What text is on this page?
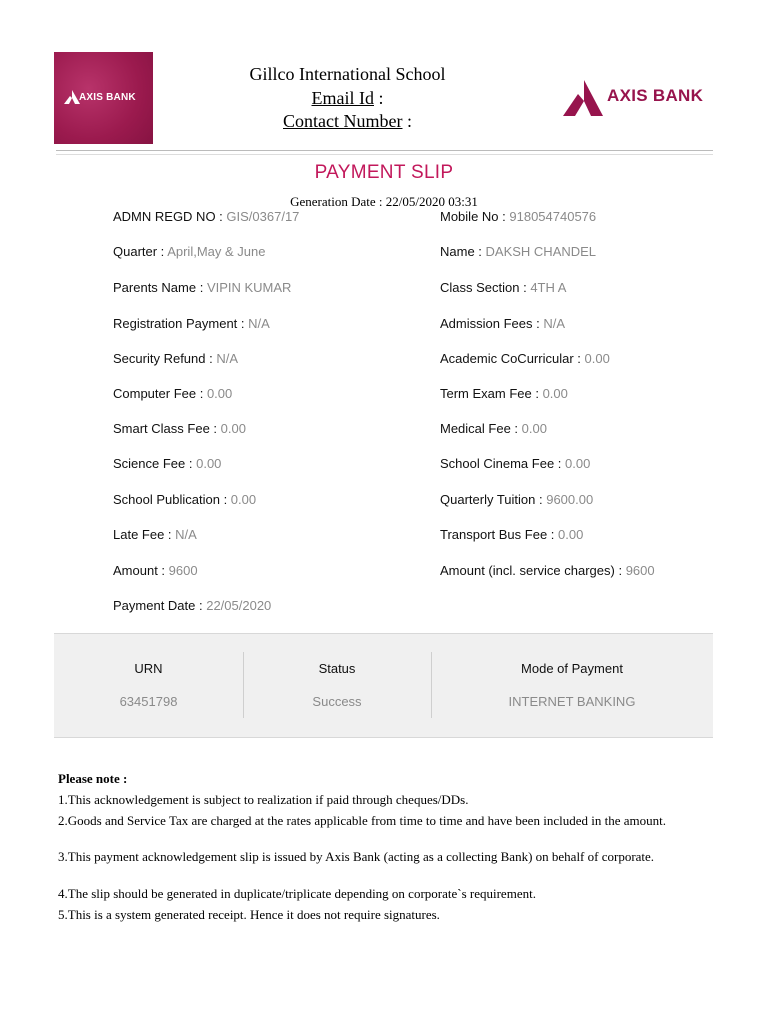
AXIS BANK	AXIS BANK
Gillco International School
Email Id :
Contact Number :
PAYMENT SLIP
Generation Date : 22/05/2020 03:31
ADMN REGD NO : GIS/0367/17
Quarter : April,May & June
Parents Name : VIPIN KUMAR
Registration Payment : N/A
Security Refund : N/A
Computer Fee : 0.00
Smart Class Fee : 0.00
Science Fee : 0.00
School Publication : 0.00
Late Fee : N/A
Amount : 9600
Payment Date : 22/05/2020
Mobile No : 918054740576
Name : DAKSH CHANDEL
Class Section : 4TH A
Admission Fees : N/A
Academic CoCurricular : 0.00
Term Exam Fee : 0.00
Medical Fee : 0.00
School Cinema Fee : 0.00
Quarterly Tuition : 9600.00
Transport Bus Fee : 0.00
Amount (incl. service charges) : 9600
URN
63451798
Status
Success
Mode of Payment
INTERNET BANKING
Please note :
1.This acknowledgement is subject to realization if paid through cheques/DDs.
2.Goods and Service Tax are charged at the rates applicable from time to time and have been included in the amount.
3.This payment acknowledgement slip is issued by Axis Bank (acting as a collecting Bank) on behalf of corporate.
4.The slip should be generated in duplicate/triplicate depending on corporate`s requirement.
5.This is a system generated receipt. Hence it does not require signatures.
